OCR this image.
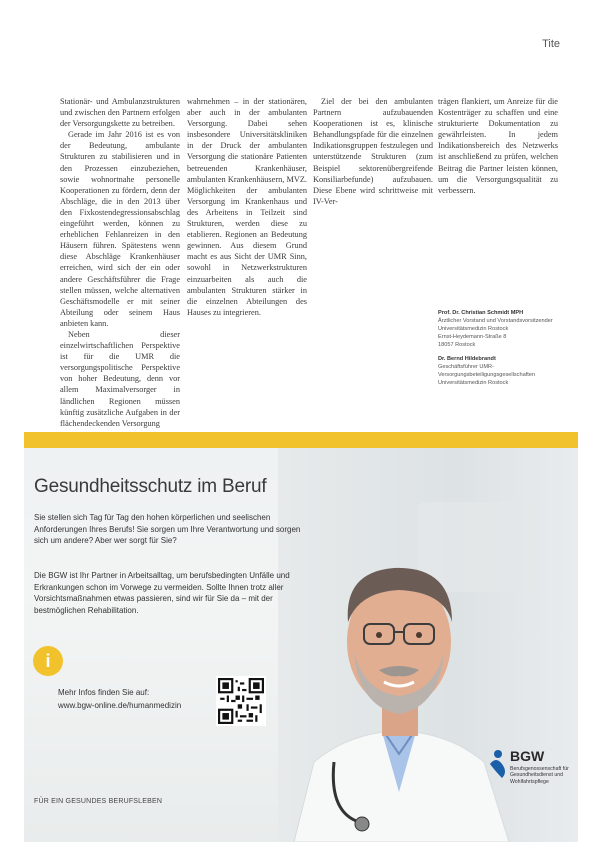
Tite

Stationär- und Ambulanzstrukturen und zwischen den Partnern erfolgen der Versorgungskette zu betreiben.

Gerade im Jahr 2016 ist es von der Bedeutung, ambulante Strukturen zu stabilisieren und in den Prozessen einzubeziehen, sowie wohnortnahe personelle Kooperationen zu fördern, denn der Abschläge, die in den 2013 über den Fixkostendegressionsabschlag eingeführt werden, können zu erheblichen Fehlanreizen in den Häusern führen. Spätestens wenn diese Abschläge Krankenhäuser erreichen, wird sich der ein oder andere Geschäftsführer die Frage stellen müssen, welche alternativen Geschäftsmodelle er mit seiner Abteilung oder seinem Haus anbieten kann.

Neben dieser einzelwirtschaftlichen Perspektive ist für die UMR die versorgungspolitische Perspektive von hoher Bedeutung, denn vor allem Maximalversorger in ländlichen Regionen müssen künftig zusätzliche Aufgaben in der flächendeckenden Versorgung

wahrnehmen – in der stationären, aber auch in der ambulanten Versorgung. Dabei sehen insbesondere Universitätskliniken in der Druck der ambulanten Versorgung die stationäre Patienten betreuenden Krankenhäuser, ambulanten Krankenhäusern, MVZ. Möglichkeiten der ambulanten Versorgung im Krankenhaus und des Arbeitens in Teilzeit sind Strukturen, werden diese zu etablieren. Regionen an Bedeutung gewinnen. Aus diesem Grund macht es aus Sicht der UMR Sinn, sowohl in Netzwerkstrukturen einzuarbeiten als auch die ambulanten Strukturen stärker in die einzelnen Abteilungen des Hauses zu integrieren.

Ziel der bei den ambulanten Partnern aufzubauenden Kooperationen ist es, klinische Behandlungspfade für die einzelnen Indikationsgruppen festzulegen und unterstützende Strukturen (zum Beispiel sektorenübergreifende Konsiliarbefunde) aufzubauen. Diese Ebene wird schrittweise mit IV-Ver-

trägen flankiert, um Anreize für die Kostenträger zu schaffen und eine strukturierte Dokumentation zu gewährleisten. In jedem Indikationsbereich des Netzwerks ist anschließend zu prüfen, welchen Beitrag die Partner leisten können, um die Versorgungsqualität zu verbessern.

Prof. Dr. Christian Schmidt MPH
Ärztlicher Vorstand und Vorstandsvorsitzender
Universitätsmedizin Rostock
Ernst-Heydemann-Straße 8
18057 Rostock
Dr. Bernd Hildebrandt
Geschäftsführer UMR-Versorgungsbeteiligungsgesellschaften
Universitätsmedizin Rostock
Gesundheitsschutz im Beruf
Sie stellen sich Tag für Tag den hohen körperlichen und seelischen Anforderungen Ihres Berufs! Sie sorgen um Ihre Verantwortung und sorgen sich um andere? Aber wer sorgt für Sie?
Die BGW ist Ihr Partner in Arbeitsalltag, um berufsbedingten Unfälle und Erkrankungen schon im Vorwege zu vermeiden. Sollte Ihnen trotz aller Vorsichtsmaßnahmen etwas passieren, sind wir für Sie da – mit der bestmöglichen Rehabilitation.
i
Mehr Infos finden Sie auf:
www.bgw-online.de/humanmedizin
FÜR EIN GESUNDES BERUFSLEBEN
BGW
Berufsgenossenschaft für Gesundheitsdienst und Wohlfahrtspflege
